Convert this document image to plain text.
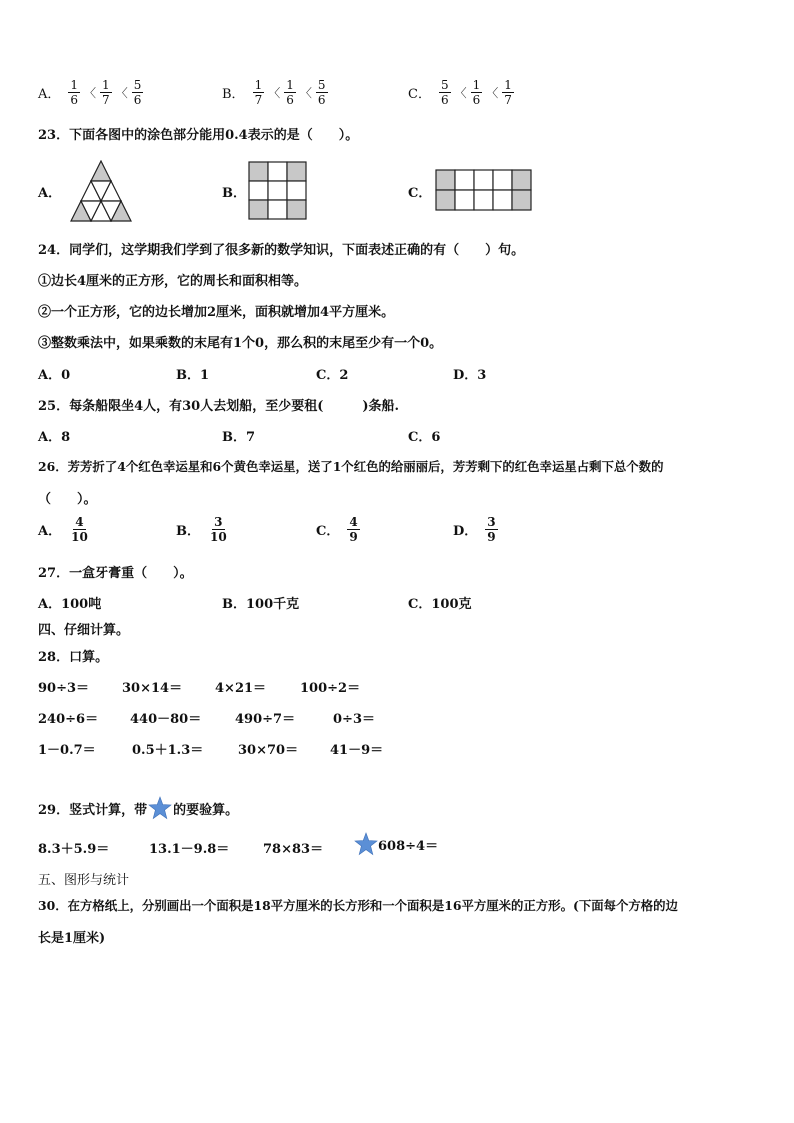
A． $\frac{1}{6}$ 〈 $\frac{1}{7}$ 〈 $\frac{5}{6}$	B． $\frac{1}{7}$ 〈 $\frac{1}{6}$ 〈 $\frac{5}{6}$	C． $\frac{5}{6}$ 〈 $\frac{1}{6}$ 〈 $\frac{1}{7}$
23．下面各图中的涂色部分能用0.4表示的是（　　）。
A．	B．	C．
24．同学们，这学期我们学到了很多新的数学知识，下面表述正确的有（　　）句。
①边长4厘米的正方形，它的周长和面积相等。
②一个正方形，它的边长增加2厘米，面积就增加4平方厘米。
③整数乘法中，如果乘数的末尾有1个0，那么积的末尾至少有一个0。
A．0	B．1	C．2	D．3
25．每条船限坐4人，有30人去划船，至少要租(　　　)条船.
A．8	B．7	C．6
26．芳芳折了4个红色幸运星和6个黄色幸运星，送了1个红色的给丽丽后，芳芳剩下的红色幸运星占剩下总个数的
（　　）。
A． $\frac{4}{10}$	B． $\frac{3}{10}$	C． $\frac{4}{9}$	D． $\frac{3}{9}$
27．一盒牙膏重（　　）。
A．100吨	B．100千克	C．100克
四、仔细计算。
28．口算。
90÷3＝	30×14＝	4×21＝	100÷2＝
240÷6＝ 440－80＝	490÷7＝	0÷3＝
1－0.7＝	0.5＋1.3＝	30×70＝ 41－9＝
29．竖式计算，带 的要验算。
8.3＋5.9＝	13.1－9.8＝	78×83＝	608÷4＝
五、图形与统计
30．在方格纸上，分别画出一个面积是18平方厘米的长方形和一个面积是16平方厘米的正方形。(下面每个方格的边
长是1厘米)
